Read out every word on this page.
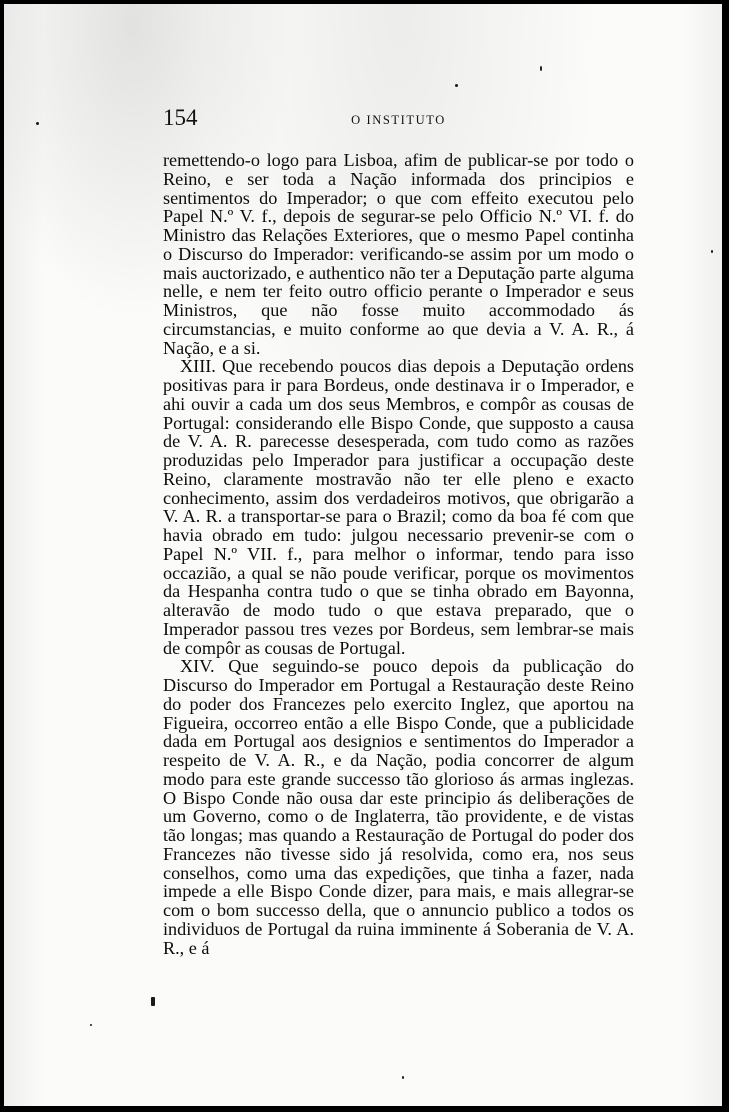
154	O INSTITUTO

remettendo-o logo para Lisboa, afim de publicar-se por todo o Reino, e ser toda a Nação informada dos principios e sentimentos do Imperador; o que com effeito executou pelo Papel N.º V. f., depois de segurar-se pelo Officio N.º VI. f. do Ministro das Relações Exteriores, que o mesmo Papel continha o Discurso do Imperador: verificando-se assim por um modo o mais auctorizado, e authentico não ter a Deputação parte alguma nelle, e nem ter feito outro officio perante o Imperador e seus Ministros, que não fosse muito accommodado ás circumstancias, e muito conforme ao que devia a V. A. R., á Nação, e a si.

XIII. Que recebendo poucos dias depois a Deputação ordens positivas para ir para Bordeus, onde destinava ir o Imperador, e ahi ouvir a cada um dos seus Membros, e compôr as cousas de Portugal: considerando elle Bispo Conde, que supposto a causa de V. A. R. parecesse desesperada, com tudo como as razões produzidas pelo Imperador para justificar a occupação deste Reino, claramente mostravão não ter elle pleno e exacto conhecimento, assim dos verdadeiros motivos, que obrigarão a V. A. R. a transportar-se para o Brazil; como da boa fé com que havia obrado em tudo: julgou necessario prevenir-se com o Papel N.º VII. f., para melhor o informar, tendo para isso occazião, a qual se não poude verificar, porque os movimentos da Hespanha contra tudo o que se tinha obrado em Bayonna, alteravão de modo tudo o que estava preparado, que o Imperador passou tres vezes por Bordeus, sem lembrar-se mais de compôr as cousas de Portugal.

XIV. Que seguindo-se pouco depois da publicação do Discurso do Imperador em Portugal a Restauração deste Reino do poder dos Francezes pelo exercito Inglez, que aportou na Figueira, occorreo então a elle Bispo Conde, que a publicidade dada em Portugal aos designios e sentimentos do Imperador a respeito de V. A. R., e da Nação, podia concorrer de algum modo para este grande successo tão glorioso ás armas inglezas. O Bispo Conde não ousa dar este principio ás deliberações de um Governo, como o de Inglaterra, tão providente, e de vistas tão longas; mas quando a Restauração de Portugal do poder dos Francezes não tivesse sido já resolvida, como era, nos seus conselhos, como uma das expedições, que tinha a fazer, nada impede a elle Bispo Conde dizer, para mais, e mais allegrar-se com o bom successo della, que o annuncio publico a todos os individuos de Portugal da ruina imminente á Soberania de V. A. R., e á
